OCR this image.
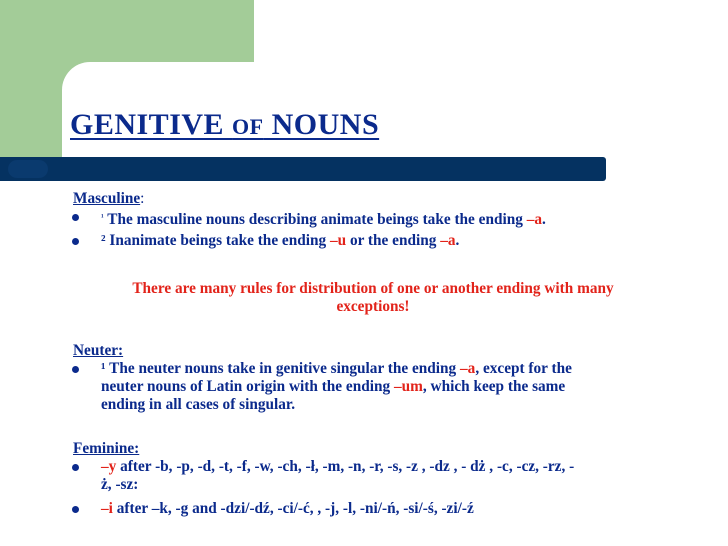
GENITIVE OF NOUNS
Masculine:
$^{^1}$ The masculine nouns describing animate beings take the ending –a.
² Inanimate beings take the ending –u or the ending –a.
There are many rules for distribution of one or another ending with many
exceptions!
Neuter:
¹ The neuter nouns take in genitive singular the ending –a, except for the
neuter nouns of Latin origin with the ending –um, which keep the same
ending in all cases of singular.
Feminine:
–y after -b, -p, -d, -t, -f, -w, -ch, -ł, -m, -n, -r, -s, -z , -dz , - dż , -c, -cz, -rz, -
ż, -sz:
–i after –k, -g and -dzi/-dź, -ci/-ć, , -j, -l, -ni/-ń, -si/-ś, -zi/-ź
